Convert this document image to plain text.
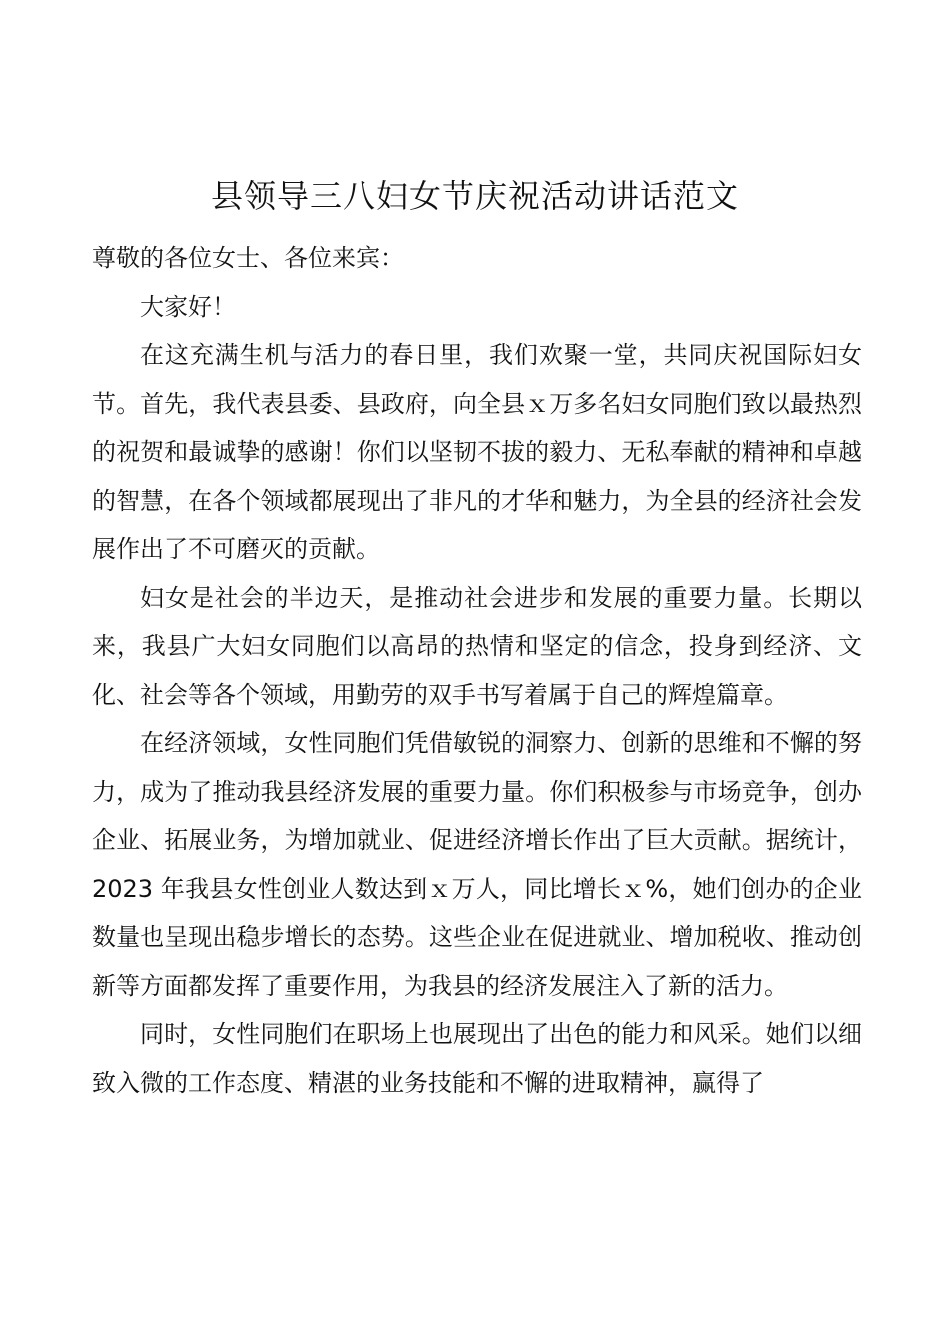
县领导三八妇女节庆祝活动讲话范文

尊敬的各位女士、各位来宾：

大家好！

在这充满生机与活力的春日里，我们欢聚一堂，共同庆祝国际妇女节。首先，我代表县委、县政府，向全县ｘ万多名妇女同胞们致以最热烈的祝贺和最诚挚的感谢！你们以坚韧不拔的毅力、无私奉献的精神和卓越的智慧，在各个领域都展现出了非凡的才华和魅力，为全县的经济社会发展作出了不可磨灭的贡献。

妇女是社会的半边天，是推动社会进步和发展的重要力量。长期以来，我县广大妇女同胞们以高昂的热情和坚定的信念，投身到经济、文化、社会等各个领域，用勤劳的双手书写着属于自己的辉煌篇章。

在经济领域，女性同胞们凭借敏锐的洞察力、创新的思维和不懈的努力，成为了推动我县经济发展的重要力量。你们积极参与市场竞争，创办企业、拓展业务，为增加就业、促进经济增长作出了巨大贡献。据统计，2023 年我县女性创业人数达到ｘ万人，同比增长ｘ%，她们创办的企业数量也呈现出稳步增长的态势。这些企业在促进就业、增加税收、推动创新等方面都发挥了重要作用，为我县的经济发展注入了新的活力。

同时，女性同胞们在职场上也展现出了出色的能力和风采。她们以细致入微的工作态度、精湛的业务技能和不懈的进取精神，赢得了
